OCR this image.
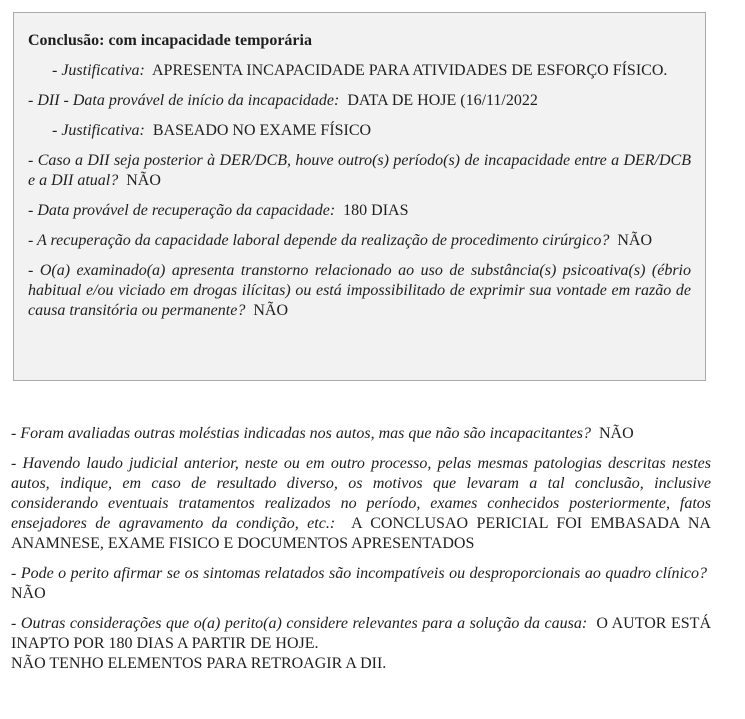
Conclusão: com incapacidade temporária

- Justificativa: APRESENTA INCAPACIDADE PARA ATIVIDADES DE ESFORÇO FÍSICO.

- DII - Data provável de início da incapacidade: DATA DE HOJE (16/11/2022

- Justificativa: BASEADO NO EXAME FÍSICO

- Caso a DII seja posterior à DER/DCB, houve outro(s) período(s) de incapacidade entre a DER/DCB e a DII atual? NÃO

- Data provável de recuperação da capacidade: 180 DIAS

- A recuperação da capacidade laboral depende da realização de procedimento cirúrgico? NÃO

- O(a) examinado(a) apresenta transtorno relacionado ao uso de substância(s) psicoativa(s) (ébrio habitual e/ou viciado em drogas ilícitas) ou está impossibilitado de exprimir sua vontade em razão de causa transitória ou permanente? NÃO

- Foram avaliadas outras moléstias indicadas nos autos, mas que não são incapacitantes? NÃO

- Havendo laudo judicial anterior, neste ou em outro processo, pelas mesmas patologias descritas nestes autos, indique, em caso de resultado diverso, os motivos que levaram a tal conclusão, inclusive considerando eventuais tratamentos realizados no período, exames conhecidos posteriormente, fatos ensejadores de agravamento da condição, etc.: A CONCLUSAO PERICIAL FOI EMBASADA NA ANAMNESE, EXAME FISICO E DOCUMENTOS APRESENTADOS

- Pode o perito afirmar se os sintomas relatados são incompatíveis ou desproporcionais ao quadro clínico?  NÃO

- Outras considerações que o(a) perito(a) considere relevantes para a solução da causa: O AUTOR ESTÁ INAPTO POR 180 DIAS A PARTIR DE HOJE.
NÃO TENHO ELEMENTOS PARA RETROAGIR A DII.
